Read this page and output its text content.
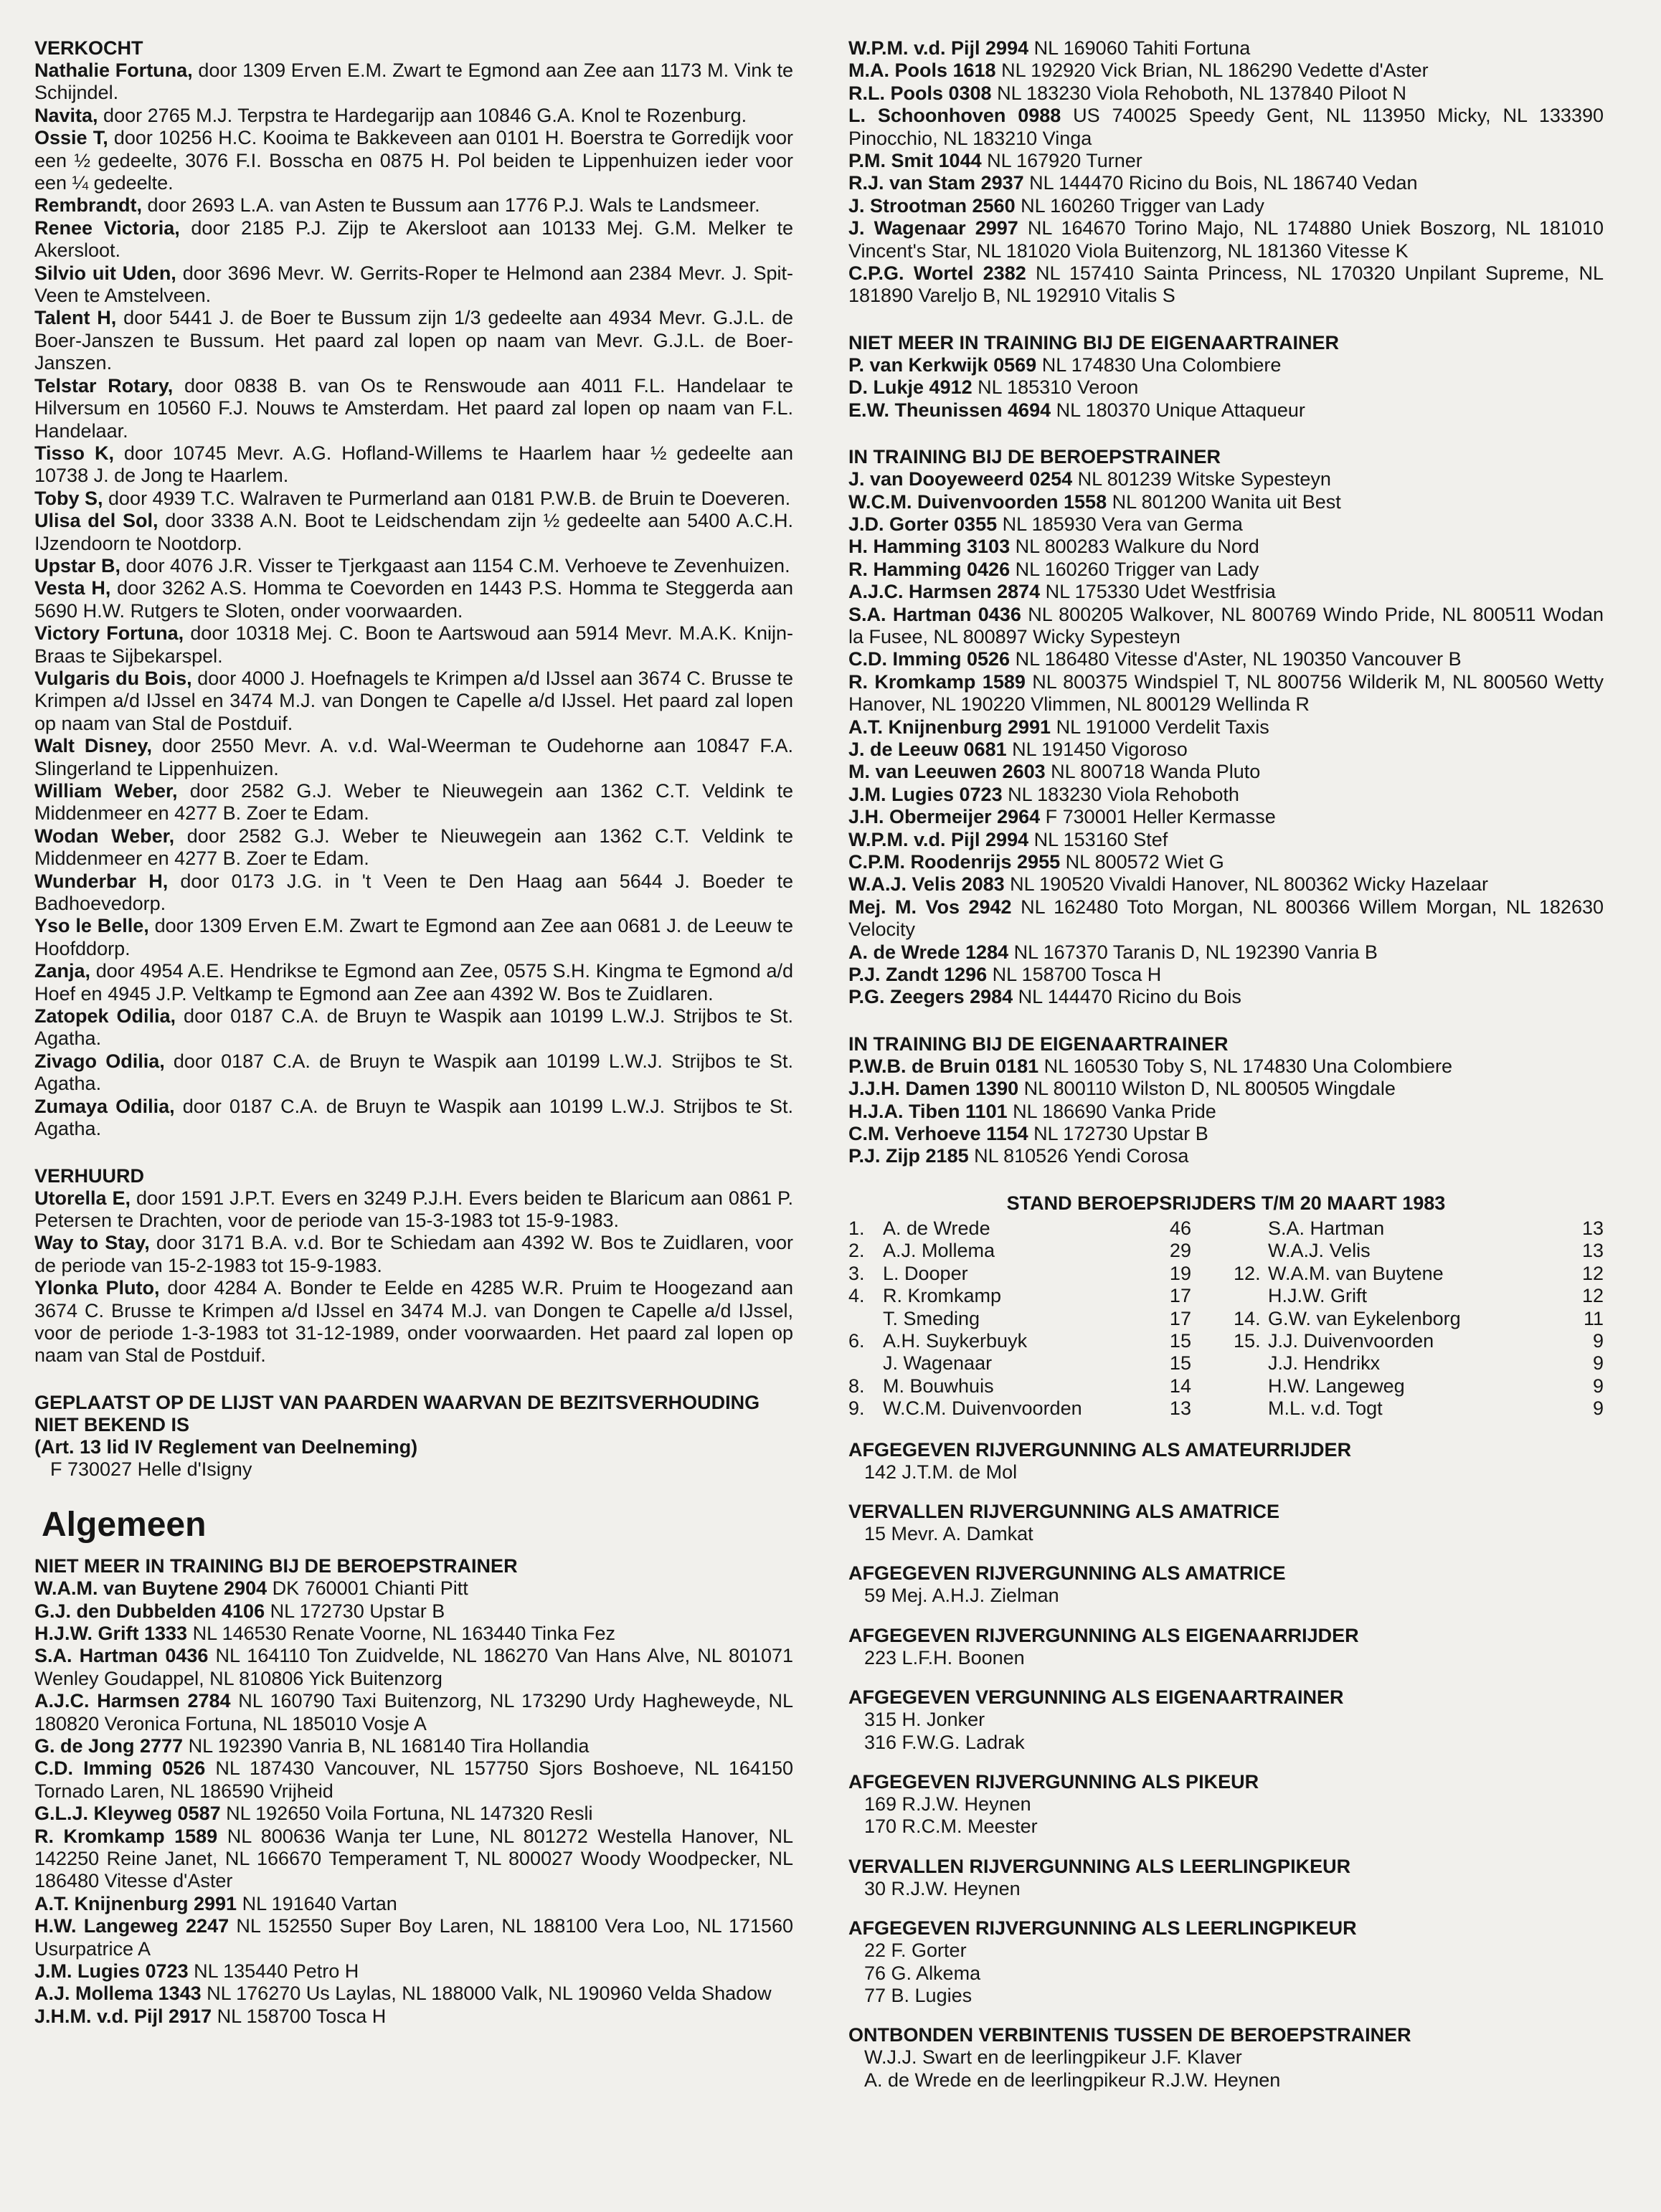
VERKOCHT

Nathalie Fortuna, door 1309 Erven E.M. Zwart te Egmond aan Zee aan 1173 M. Vink te Schijndel.

Navita, door 2765 M.J. Terpstra te Hardegarijp aan 10846 G.A. Knol te Rozenburg.

Ossie T, door 10256 H.C. Kooima te Bakkeveen aan 0101 H. Boerstra te Gorredijk voor een ½ gedeelte, 3076 F.I. Bosscha en 0875 H. Pol beiden te Lippenhuizen ieder voor een ¼ gedeelte.

Rembrandt, door 2693 L.A. van Asten te Bussum aan 1776 P.J. Wals te Landsmeer.

Renee Victoria, door 2185 P.J. Zijp te Akersloot aan 10133 Mej. G.M. Melker te Akersloot.

Silvio uit Uden, door 3696 Mevr. W. Gerrits-Roper te Helmond aan 2384 Mevr. J. Spit-Veen te Amstelveen.

Talent H, door 5441 J. de Boer te Bussum zijn 1/3 gedeelte aan 4934 Mevr. G.J.L. de Boer-Janszen te Bussum. Het paard zal lopen op naam van Mevr. G.J.L. de Boer-Janszen.

Telstar Rotary, door 0838 B. van Os te Renswoude aan 4011 F.L. Handelaar te Hilversum en 10560 F.J. Nouws te Amsterdam. Het paard zal lopen op naam van F.L. Handelaar.

Tisso K, door 10745 Mevr. A.G. Hofland-Willems te Haarlem haar ½ gedeelte aan 10738 J. de Jong te Haarlem.

Toby S, door 4939 T.C. Walraven te Purmerland aan 0181 P.W.B. de Bruin te Doeveren.

Ulisa del Sol, door 3338 A.N. Boot te Leidschendam zijn ½ gedeelte aan 5400 A.C.H. IJzendoorn te Nootdorp.

Upstar B, door 4076 J.R. Visser te Tjerkgaast aan 1154 C.M. Verhoeve te Zevenhuizen.

Vesta H, door 3262 A.S. Homma te Coevorden en 1443 P.S. Homma te Steggerda aan 5690 H.W. Rutgers te Sloten, onder voorwaarden.

Victory Fortuna, door 10318 Mej. C. Boon te Aartswoud aan 5914 Mevr. M.A.K. Knijn-Braas te Sijbekarspel.

Vulgaris du Bois, door 4000 J. Hoefnagels te Krimpen a/d IJssel aan 3674 C. Brusse te Krimpen a/d IJssel en 3474 M.J. van Dongen te Capelle a/d IJssel. Het paard zal lopen op naam van Stal de Postduif.

Walt Disney, door 2550 Mevr. A. v.d. Wal-Weerman te Oudehorne aan 10847 F.A. Slingerland te Lippenhuizen.

William Weber, door 2582 G.J. Weber te Nieuwegein aan 1362 C.T. Veldink te Middenmeer en 4277 B. Zoer te Edam.

Wodan Weber, door 2582 G.J. Weber te Nieuwegein aan 1362 C.T. Veldink te Middenmeer en 4277 B. Zoer te Edam.

Wunderbar H, door 0173 J.G. in 't Veen te Den Haag aan 5644 J. Boeder te Badhoevedorp.

Yso le Belle, door 1309 Erven E.M. Zwart te Egmond aan Zee aan 0681 J. de Leeuw te Hoofddorp.

Zanja, door 4954 A.E. Hendrikse te Egmond aan Zee, 0575 S.H. Kingma te Egmond a/d Hoef en 4945 J.P. Veltkamp te Egmond aan Zee aan 4392 W. Bos te Zuidlaren.

Zatopek Odilia, door 0187 C.A. de Bruyn te Waspik aan 10199 L.W.J. Strijbos te St. Agatha.

Zivago Odilia, door 0187 C.A. de Bruyn te Waspik aan 10199 L.W.J. Strijbos te St. Agatha.

Zumaya Odilia, door 0187 C.A. de Bruyn te Waspik aan 10199 L.W.J. Strijbos te St. Agatha.

VERHUURD

Utorella E, door 1591 J.P.T. Evers en 3249 P.J.H. Evers beiden te Blaricum aan 0861 P. Petersen te Drachten, voor de periode van 15-3-1983 tot 15-9-1983.

Way to Stay, door 3171 B.A. v.d. Bor te Schiedam aan 4392 W. Bos te Zuidlaren, voor de periode van 15-2-1983 tot 15-9-1983.

Ylonka Pluto, door 4284 A. Bonder te Eelde en 4285 W.R. Pruim te Hoogezand aan 3674 C. Brusse te Krimpen a/d IJssel en 3474 M.J. van Dongen te Capelle a/d IJssel, voor de periode 1-3-1983 tot 31-12-1989, onder voorwaarden. Het paard zal lopen op naam van Stal de Postduif.

GEPLAATST OP DE LIJST VAN PAARDEN WAARVAN DE BEZITSVERHOUDING NIET BEKEND IS

(Art. 13 lid IV Reglement van Deelneming)

F 730027 Helle d'Isigny

Algemeen

NIET MEER IN TRAINING BIJ DE BEROEPSTRAINER

W.A.M. van Buytene 2904 DK 760001 Chianti Pitt

G.J. den Dubbelden 4106 NL 172730 Upstar B

H.J.W. Grift 1333 NL 146530 Renate Voorne, NL 163440 Tinka Fez

S.A. Hartman 0436 NL 164110 Ton Zuidvelde, NL 186270 Van Hans Alve, NL 801071 Wenley Goudappel, NL 810806 Yick Buitenzorg

A.J.C. Harmsen 2784 NL 160790 Taxi Buitenzorg, NL 173290 Urdy Hagheweyde, NL 180820 Veronica Fortuna, NL 185010 Vosje A

G. de Jong 2777 NL 192390 Vanria B, NL 168140 Tira Hollandia

C.D. Imming 0526 NL 187430 Vancouver, NL 157750 Sjors Boshoeve, NL 164150 Tornado Laren, NL 186590 Vrijheid

G.L.J. Kleyweg 0587 NL 192650 Voila Fortuna, NL 147320 Resli

R. Kromkamp 1589 NL 800636 Wanja ter Lune, NL 801272 Westella Hanover, NL 142250 Reine Janet, NL 166670 Temperament T, NL 800027 Woody Woodpecker, NL 186480 Vitesse d'Aster

A.T. Knijnenburg 2991 NL 191640 Vartan

H.W. Langeweg 2247 NL 152550 Super Boy Laren, NL 188100 Vera Loo, NL 171560 Usurpatrice A

J.M. Lugies 0723 NL 135440 Petro H

A.J. Mollema 1343 NL 176270 Us Laylas, NL 188000 Valk, NL 190960 Velda Shadow

J.H.M. v.d. Pijl 2917 NL 158700 Tosca H

W.P.M. v.d. Pijl 2994 NL 169060 Tahiti Fortuna

M.A. Pools 1618 NL 192920 Vick Brian, NL 186290 Vedette d'Aster

R.L. Pools 0308 NL 183230 Viola Rehoboth, NL 137840 Piloot N

L. Schoonhoven 0988 US 740025 Speedy Gent, NL 113950 Micky, NL 133390 Pinocchio, NL 183210 Vinga

P.M. Smit 1044 NL 167920 Turner

R.J. van Stam 2937 NL 144470 Ricino du Bois, NL 186740 Vedan

J. Strootman 2560 NL 160260 Trigger van Lady

J. Wagenaar 2997 NL 164670 Torino Majo, NL 174880 Uniek Boszorg, NL 181010 Vincent's Star, NL 181020 Viola Buitenzorg, NL 181360 Vitesse K

C.P.G. Wortel 2382 NL 157410 Sainta Princess, NL 170320 Unpilant Supreme, NL 181890 Vareljo B, NL 192910 Vitalis S

NIET MEER IN TRAINING BIJ DE EIGENAARTRAINER

P. van Kerkwijk 0569 NL 174830 Una Colombiere

D. Lukje 4912 NL 185310 Veroon

E.W. Theunissen 4694 NL 180370 Unique Attaqueur

IN TRAINING BIJ DE BEROEPSTRAINER

J. van Dooyeweerd 0254 NL 801239 Witske Sypesteyn

W.C.M. Duivenvoorden 1558 NL 801200 Wanita uit Best

J.D. Gorter 0355 NL 185930 Vera van Germa

H. Hamming 3103 NL 800283 Walkure du Nord

R. Hamming 0426 NL 160260 Trigger van Lady

A.J.C. Harmsen 2874 NL 175330 Udet Westfrisia

S.A. Hartman 0436 NL 800205 Walkover, NL 800769 Windo Pride, NL 800511 Wodan la Fusee, NL 800897 Wicky Sypesteyn

C.D. Imming 0526 NL 186480 Vitesse d'Aster, NL 190350 Vancouver B

R. Kromkamp 1589 NL 800375 Windspiel T, NL 800756 Wilderik M, NL 800560 Wetty Hanover, NL 190220 Vlimmen, NL 800129 Wellinda R

A.T. Knijnenburg 2991 NL 191000 Verdelit Taxis

J. de Leeuw 0681 NL 191450 Vigoroso

M. van Leeuwen 2603 NL 800718 Wanda Pluto

J.M. Lugies 0723 NL 183230 Viola Rehoboth

J.H. Obermeijer 2964 F 730001 Heller Kermasse

W.P.M. v.d. Pijl 2994 NL 153160 Stef

C.P.M. Roodenrijs 2955 NL 800572 Wiet G

W.A.J. Velis 2083 NL 190520 Vivaldi Hanover, NL 800362 Wicky Hazelaar

Mej. M. Vos 2942 NL 162480 Toto Morgan, NL 800366 Willem Morgan, NL 182630 Velocity

A. de Wrede 1284 NL 167370 Taranis D, NL 192390 Vanria B

P.J. Zandt 1296 NL 158700 Tosca H

P.G. Zeegers 2984 NL 144470 Ricino du Bois

IN TRAINING BIJ DE EIGENAARTRAINER

P.W.B. de Bruin 0181 NL 160530 Toby S, NL 174830 Una Colombiere

J.J.H. Damen 1390 NL 800110 Wilston D, NL 800505 Wingdale

H.J.A. Tiben 1101 NL 186690 Vanka Pride

C.M. Verhoeve 1154 NL 172730 Upstar B

P.J. Zijp 2185 NL 810526 Yendi Corosa

STAND BEROEPSRIJDERS T/M 20 MAART 1983

1. A. de Wrede	46
2. A.J. Mollema	29
3. L. Dooper	19
4. R. Kromkamp	17
T. Smeding	17
6. A.H. Suykerbuyk	15
J. Wagenaar	15
8. M. Bouwhuis	14
9. W.C.M. Duivenvoorden	13
S.A. Hartman	13
W.A.J. Velis	13
12. W.A.M. van Buytene	12
H.J.W. Grift	12
14. G.W. van Eykelenborg	11
15. J.J. Duivenvoorden	9
J.J. Hendrikx	9
H.W. Langeweg	9
M.L. v.d. Togt	9

AFGEGEVEN RIJVERGUNNING ALS AMATEURRIJDER

142 J.T.M. de Mol

VERVALLEN RIJVERGUNNING ALS AMATRICE

15 Mevr. A. Damkat

AFGEGEVEN RIJVERGUNNING ALS AMATRICE

59 Mej. A.H.J. Zielman

AFGEGEVEN RIJVERGUNNING ALS EIGENAARRIJDER

223 L.F.H. Boonen

AFGEGEVEN VERGUNNING ALS EIGENAARTRAINER

315 H. Jonker

316 F.W.G. Ladrak

AFGEGEVEN RIJVERGUNNING ALS PIKEUR

169 R.J.W. Heynen

170 R.C.M. Meester

VERVALLEN RIJVERGUNNING ALS LEERLINGPIKEUR

30 R.J.W. Heynen

AFGEGEVEN RIJVERGUNNING ALS LEERLINGPIKEUR

22 F. Gorter

76 G. Alkema

77 B. Lugies

ONTBONDEN VERBINTENIS TUSSEN DE BEROEPSTRAINER

W.J.J. Swart en de leerlingpikeur J.F. Klaver

A. de Wrede en de leerlingpikeur R.J.W. Heynen
